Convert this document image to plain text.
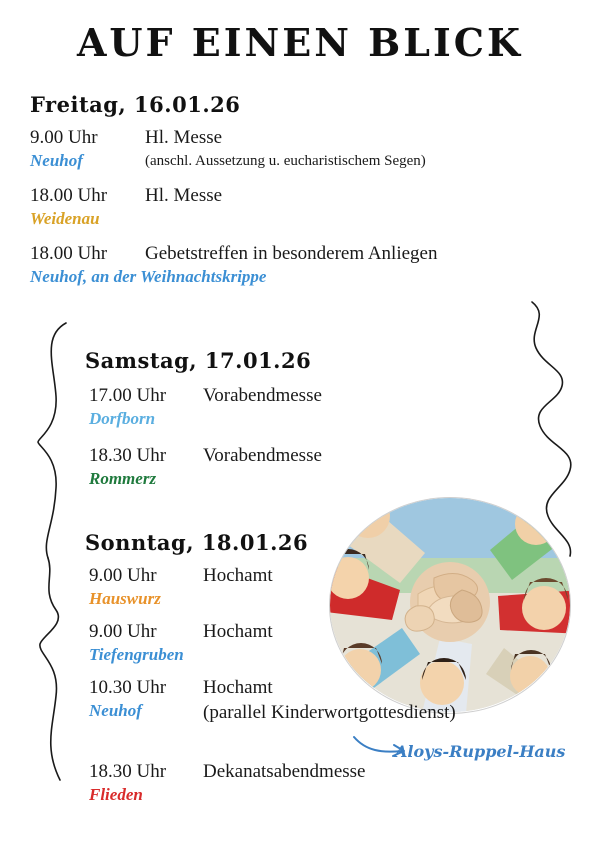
AUF EINEN BLICK
Freitag, 16.01.26
9.00 Uhr	Hl. Messe
Neuhof	(anschl. Aussetzung u. eucharistischem Segen)
18.00 Uhr	Hl. Messe
Weidenau
18.00 Uhr	Gebetstreffen in besonderem Anliegen
Neuhof, an der Weihnachtskrippe
Samstag, 17.01.26
17.00 Uhr	Vorabendmesse
Dorfborn
18.30 Uhr	Vorabendmesse
Rommerz
Sonntag, 18.01.26
9.00 Uhr	Hochamt
Hauswurz
9.00 Uhr	Hochamt
Tiefengruben
10.30 Uhr	Hochamt
Neuhof	(parallel Kinderwortgottesdienst)
18.30 Uhr	Dekanatsabendmesse
Flieden
Aloys-Ruppel-Haus
